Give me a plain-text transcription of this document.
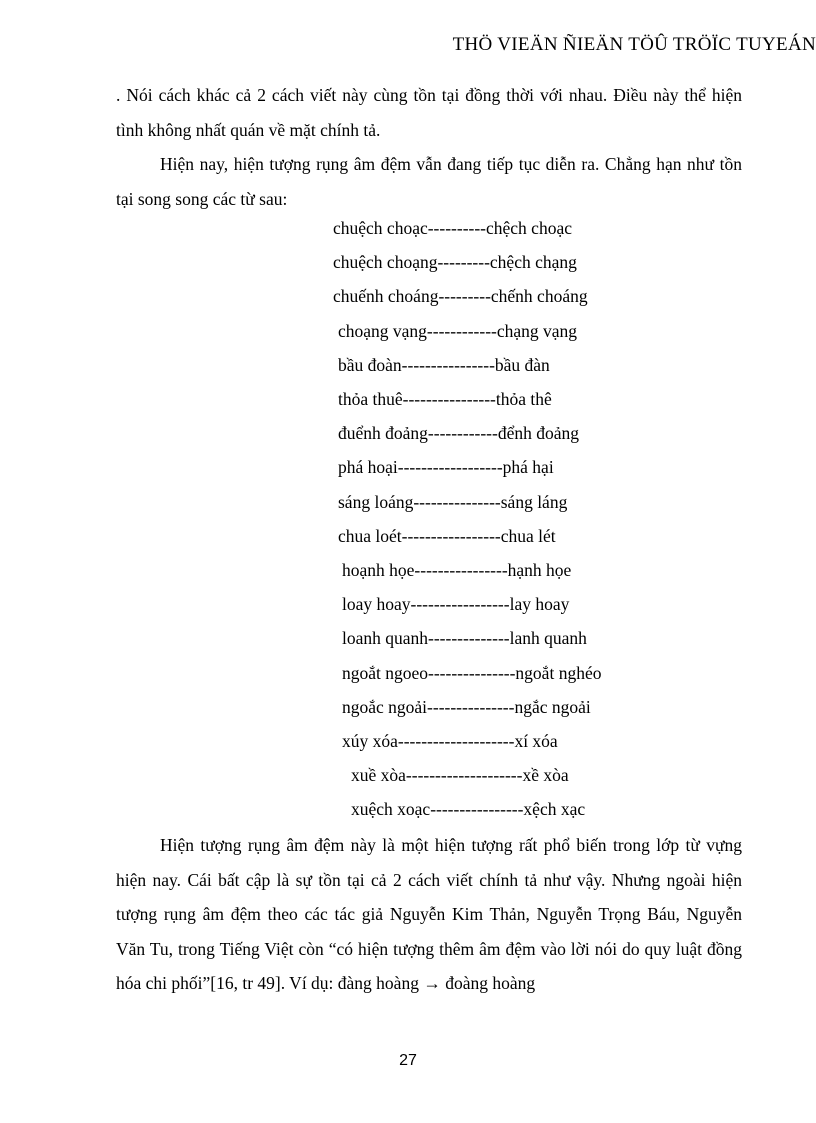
THÖ VIEÄN ÑIEÄN TÖÛ TRÖÏC TUYEÁN

. Nói cách khác cả 2 cách viết này cùng tồn tại đồng thời với nhau. Điều này thể hiện tình không nhất quán về mặt chính tả.

Hiện nay, hiện tượng rụng âm đệm vẫn đang tiếp tục diễn ra. Chẳng hạn như tồn tại song song các từ sau:

chuệch choạc----------chệch choạc
chuệch choạng---------chệch chạng
chuếnh choáng---------chếnh choáng
choạng vạng------------chạng vạng
bầu đoàn----------------bầu đàn
thỏa thuê----------------thỏa thê
đuểnh đoảng------------đểnh đoảng
phá hoại------------------phá hại
sáng loáng---------------sáng láng
chua loét-----------------chua lét
hoạnh họe----------------hạnh họe
loay hoay-----------------lay hoay
loanh quanh--------------lanh quanh
ngoắt ngoeo---------------ngoắt nghéo
ngoắc ngoải---------------ngắc ngoải
xúy xóa--------------------xí xóa
xuề xòa--------------------xề xòa
xuệch xoạc----------------xệch xạc

Hiện tượng rụng âm đệm này là một hiện tượng rất phổ biến trong lớp từ vựng hiện nay. Cái bất cập là sự tồn tại cả 2 cách viết chính tả như vậy. Nhưng ngoài hiện tượng rụng âm đệm theo các tác giả Nguyễn Kim Thản, Nguyễn Trọng Báu, Nguyễn Văn Tu, trong Tiếng Việt còn “có hiện tượng thêm âm đệm vào lời nói do quy luật đồng hóa chi phối”[16, tr 49]. Ví dụ: đàng hoàng → đoàng hoàng

27
